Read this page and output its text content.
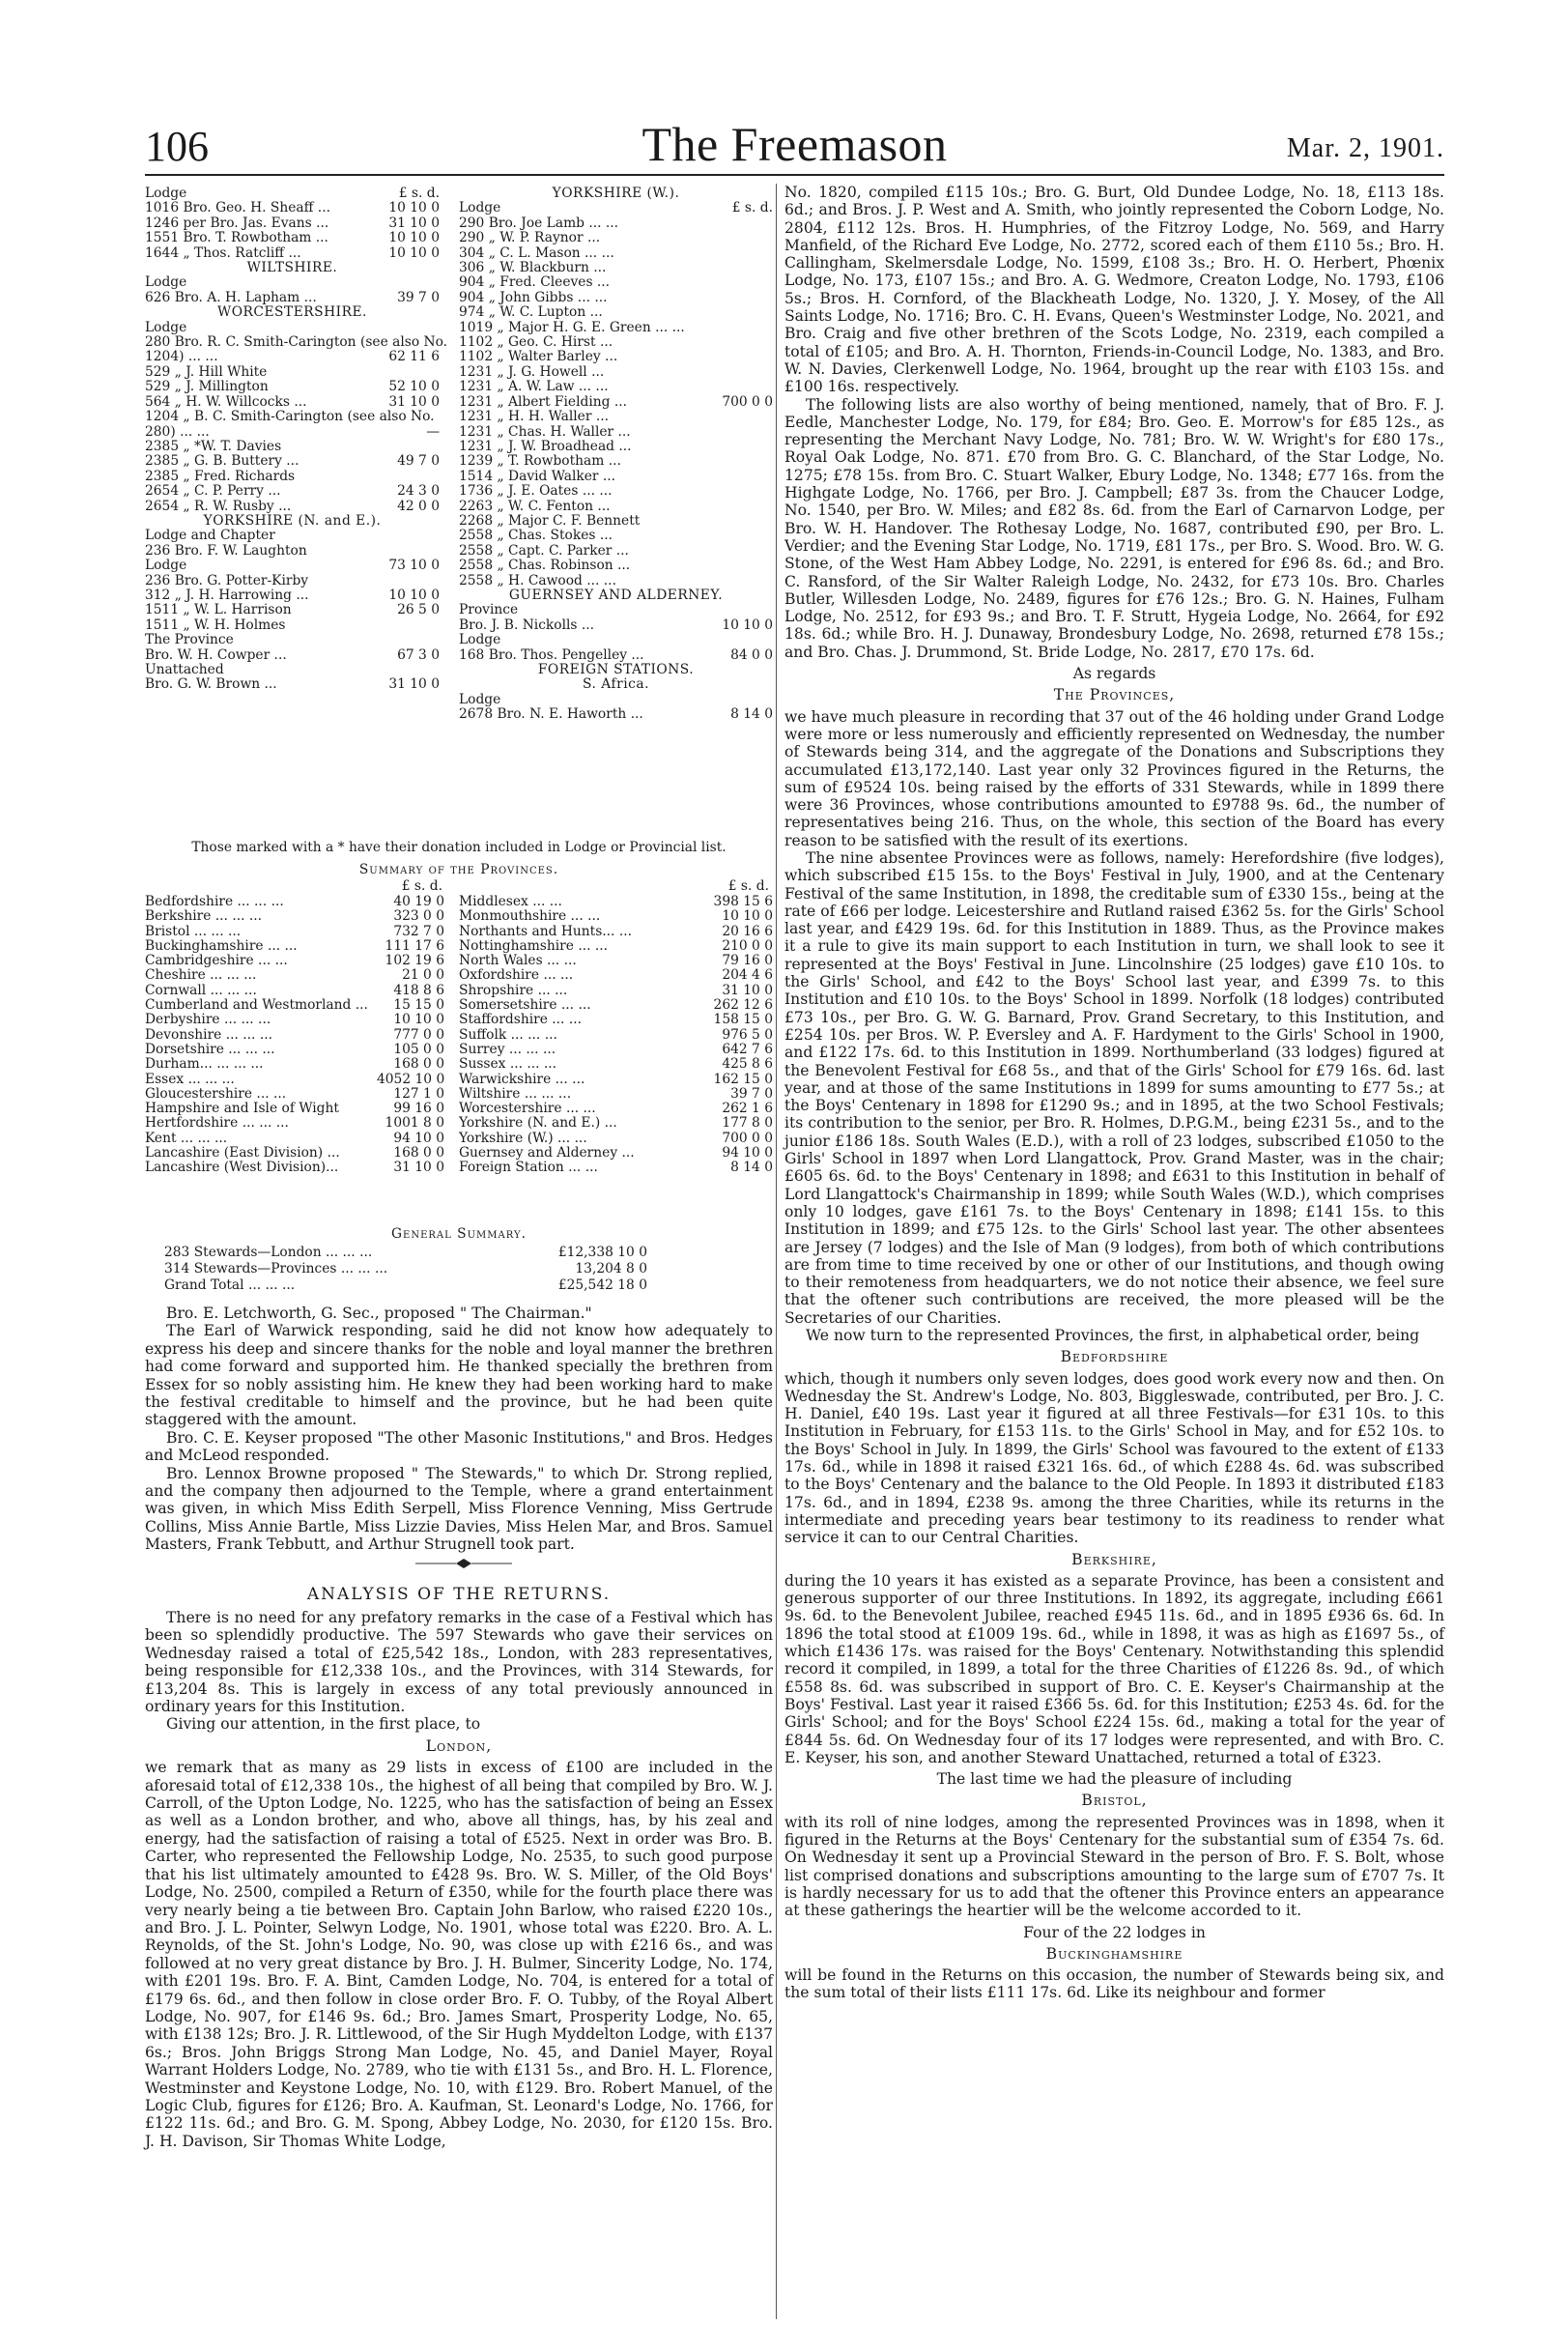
106	The Freemason	Mar. 2, 1901.
Lodge	£ s. d.
1016 Bro. Geo. H. Sheaff ...	10 10 0
1246 per Bro. Jas. Evans ...	31 10 0
1551 Bro. T. Rowbotham ...	10 10 0
1644 „ Thos. Ratcliff ...	10 10 0
WILTSHIRE.
Lodge
626 Bro. A. H. Lapham ...	39 7 0
WORCESTERSHIRE.
Lodge
280 Bro. R. C. Smith-Carington (see also No.
1204) ... ...	62 11 6
529 „ J. Hill White
529 „ J. Millington	52 10 0
564 „ H. W. Willcocks ...	31 10 0
1204 „ B. C. Smith-Carington (see also No.
280) ... ...	—
2385 „ *W. T. Davies
2385 „ G. B. Buttery ...	49 7 0
2385 „ Fred. Richards
2654 „ C. P. Perry ...	24 3 0
2654 „ R. W. Rusby ...	42 0 0
YORKSHIRE (N. and E.).
Lodge and Chapter
236 Bro. F. W. Laughton
Lodge	73 10 0
236 Bro. G. Potter-Kirby
312 „ J. H. Harrowing ...	10 10 0
1511 „ W. L. Harrison	26 5 0
1511 „ W. H. Holmes
The Province
Bro. W. H. Cowper ...	67 3 0
Unattached
Bro. G. W. Brown ...	31 10 0
YORKSHIRE (W.).
Lodge	£ s. d.
290 Bro. Joe Lamb ... ...
290 „ W. P. Raynor ...
304 „ C. L. Mason ... ...
306 „ W. Blackburn ...
904 „ Fred. Cleeves ...
904 „ John Gibbs ... ...
974 „ W. C. Lupton ...
1019 „ Major H. G. E. Green ... ...
1102 „ Geo. C. Hirst ...
1102 „ Walter Barley ...
1231 „ J. G. Howell ...
1231 „ A. W. Law ... ...
1231 „ Albert Fielding ...	700 0 0
1231 „ H. H. Waller ...
1231 „ Chas. H. Waller ...
1231 „ J. W. Broadhead ...
1239 „ T. Rowbotham ...
1514 „ David Walker ...
1736 „ J. E. Oates ... ...
2263 „ W. C. Fenton ...
2268 „ Major C. F. Bennett
2558 „ Chas. Stokes ...
2558 „ Capt. C. Parker ...
2558 „ Chas. Robinson ...
2558 „ H. Cawood ... ...
GUERNSEY AND ALDERNEY.
Province
Bro. J. B. Nickolls ...	10 10 0
Lodge
168 Bro. Thos. Pengelley ...	84 0 0
FOREIGN STATIONS.
S. Africa.
Lodge
2678 Bro. N. E. Haworth ...	8 14 0
Those marked with a * have their donation included in Lodge or Provincial list.
Summary of the Provinces.
£ s. d.	£ s. d.
Bedfordshire ... ... ...	40 19 0
Berkshire ... ... ...	323 0 0
Bristol ... ... ...	732 7 0
Buckinghamshire ... ...	111 17 6
Cambridgeshire ... ...	102 19 6
Cheshire ... ... ...	21 0 0
Cornwall ... ... ...	418 8 6
Cumberland and Westmorland ...	15 15 0
Derbyshire ... ... ...	10 10 0
Devonshire ... ... ...	777 0 0
Dorsetshire ... ... ...	105 0 0
Durham... ... ... ...	168 0 0
Essex ... ... ...	4052 10 0
Gloucestershire ... ...	127 1 0
Hampshire and Isle of Wight	99 16 0
Hertfordshire ... ... ...	1001 8 0
Kent ... ... ...	94 10 0
Lancashire (East Division) ...	168 0 0
Lancashire (West Division)...	31 10 0
Middlesex ... ...	398 15 6
Monmouthshire ... ...	10 10 0
Northants and Hunts... ...	20 16 6
Nottinghamshire ... ...	210 0 0
North Wales ... ...	79 16 0
Oxfordshire ... ...	204 4 6
Shropshire ... ...	31 10 0
Somersetshire ... ...	262 12 6
Staffordshire ... ...	158 15 0
Suffolk ... ... ...	976 5 0
Surrey ... ... ...	642 7 6
Sussex ... ... ...	425 8 6
Warwickshire ... ...	162 15 0
Wiltshire ... ... ...	39 7 0
Worcestershire ... ...	262 1 6
Yorkshire (N. and E.) ...	177 8 0
Yorkshire (W.) ... ...	700 0 0
Guernsey and Alderney ...	94 10 0
Foreign Station ... ...	8 14 0
General Summary.
283 Stewards—London ... ... ...	£12,338 10 0
314 Stewards—Provinces ... ... ...	13,204 8 0
Grand Total ... ... ...	£25,542 18 0

Bro. E. Letchworth, G. Sec., proposed " The Chairman."

The Earl of Warwick responding, said he did not know how adequately to express his deep and sincere thanks for the noble and loyal manner the brethren had come forward and supported him. He thanked specially the brethren from Essex for so nobly assisting him. He knew they had been working hard to make the festival creditable to himself and the province, but he had been quite staggered with the amount.

Bro. C. E. Keyser proposed "The other Masonic Institutions," and Bros. Hedges and McLeod responded.

Bro. Lennox Browne proposed " The Stewards," to which Dr. Strong replied, and the company then adjourned to the Temple, where a grand entertainment was given, in which Miss Edith Serpell, Miss Florence Venning, Miss Gertrude Collins, Miss Annie Bartle, Miss Lizzie Davies, Miss Helen Mar, and Bros. Samuel Masters, Frank Tebbutt, and Arthur Strugnell took part.

ANALYSIS OF THE RETURNS.

There is no need for any prefatory remarks in the case of a Festival which has been so splendidly productive. The 597 Stewards who gave their services on Wednesday raised a total of £25,542 18s., London, with 283 representatives, being responsible for £12,338 10s., and the Provinces, with 314 Stewards, for £13,204 8s. This is largely in excess of any total previously announced in ordinary years for this Institution.

Giving our attention, in the first place, to

London,

we remark that as many as 29 lists in excess of £100 are included in the aforesaid total of £12,338 10s., the highest of all being that compiled by Bro. W. J. Carroll, of the Upton Lodge, No. 1225, who has the satisfaction of being an Essex as well as a London brother, and who, above all things, has, by his zeal and energy, had the satisfaction of raising a total of £525. Next in order was Bro. B. Carter, who represented the Fellowship Lodge, No. 2535, to such good purpose that his list ultimately amounted to £428 9s. Bro. W. S. Miller, of the Old Boys' Lodge, No. 2500, compiled a Return of £350, while for the fourth place there was very nearly being a tie between Bro. Captain John Barlow, who raised £220 10s., and Bro. J. L. Pointer, Selwyn Lodge, No. 1901, whose total was £220. Bro. A. L. Reynolds, of the St. John's Lodge, No. 90, was close up with £216 6s., and was followed at no very great distance by Bro. J. H. Bulmer, Sincerity Lodge, No. 174, with £201 19s. Bro. F. A. Bint, Camden Lodge, No. 704, is entered for a total of £179 6s. 6d., and then follow in close order Bro. F. O. Tubby, of the Royal Albert Lodge, No. 907, for £146 9s. 6d.; Bro. James Smart, Prosperity Lodge, No. 65, with £138 12s; Bro. J. R. Littlewood, of the Sir Hugh Myddelton Lodge, with £137 6s.; Bros. John Briggs Strong Man Lodge, No. 45, and Daniel Mayer, Royal Warrant Holders Lodge, No. 2789, who tie with £131 5s., and Bro. H. L. Florence, Westminster and Keystone Lodge, No. 10, with £129. Bro. Robert Manuel, of the Logic Club, figures for £126; Bro. A. Kaufman, St. Leonard's Lodge, No. 1766, for £122 11s. 6d.; and Bro. G. M. Spong, Abbey Lodge, No. 2030, for £120 15s. Bro. J. H. Davison, Sir Thomas White Lodge,

No. 1820, compiled £115 10s.; Bro. G. Burt, Old Dundee Lodge, No. 18, £113 18s. 6d.; and Bros. J. P. West and A. Smith, who jointly represented the Coborn Lodge, No. 2804, £112 12s. Bros. H. Humphries, of the Fitzroy Lodge, No. 569, and Harry Manfield, of the Richard Eve Lodge, No. 2772, scored each of them £110 5s.; Bro. H. Callingham, Skelmersdale Lodge, No. 1599, £108 3s.; Bro. H. O. Herbert, Phœnix Lodge, No. 173, £107 15s.; and Bro. A. G. Wedmore, Creaton Lodge, No. 1793, £106 5s.; Bros. H. Cornford, of the Blackheath Lodge, No. 1320, J. Y. Mosey, of the All Saints Lodge, No. 1716; Bro. C. H. Evans, Queen's Westminster Lodge, No. 2021, and Bro. Craig and five other brethren of the Scots Lodge, No. 2319, each compiled a total of £105; and Bro. A. H. Thornton, Friends-in-Council Lodge, No. 1383, and Bro. W. N. Davies, Clerkenwell Lodge, No. 1964, brought up the rear with £103 15s. and £100 16s. respectively.

The following lists are also worthy of being mentioned, namely, that of Bro. F. J. Eedle, Manchester Lodge, No. 179, for £84; Bro. Geo. E. Morrow's for £85 12s., as representing the Merchant Navy Lodge, No. 781; Bro. W. W. Wright's for £80 17s., Royal Oak Lodge, No. 871. £70 from Bro. G. C. Blanchard, of the Star Lodge, No. 1275; £78 15s. from Bro. C. Stuart Walker, Ebury Lodge, No. 1348; £77 16s. from the Highgate Lodge, No. 1766, per Bro. J. Campbell; £87 3s. from the Chaucer Lodge, No. 1540, per Bro. W. Miles; and £82 8s. 6d. from the Earl of Carnarvon Lodge, per Bro. W. H. Handover. The Rothesay Lodge, No. 1687, contributed £90, per Bro. L. Verdier; and the Evening Star Lodge, No. 1719, £81 17s., per Bro. S. Wood. Bro. W. G. Stone, of the West Ham Abbey Lodge, No. 2291, is entered for £96 8s. 6d.; and Bro. C. Ransford, of the Sir Walter Raleigh Lodge, No. 2432, for £73 10s. Bro. Charles Butler, Willesden Lodge, No. 2489, figures for £76 12s.; Bro. G. N. Haines, Fulham Lodge, No. 2512, for £93 9s.; and Bro. T. F. Strutt, Hygeia Lodge, No. 2664, for £92 18s. 6d.; while Bro. H. J. Dunaway, Brondesbury Lodge, No. 2698, returned £78 15s.; and Bro. Chas. J. Drummond, St. Bride Lodge, No. 2817, £70 17s. 6d.

As regards

The Provinces,

we have much pleasure in recording that 37 out of the 46 holding under Grand Lodge were more or less numerously and efficiently represented on Wednesday, the number of Stewards being 314, and the aggregate of the Donations and Subscriptions they accumulated £13,172,140. Last year only 32 Provinces figured in the Returns, the sum of £9524 10s. being raised by the efforts of 331 Stewards, while in 1899 there were 36 Provinces, whose contributions amounted to £9788 9s. 6d., the number of representatives being 216. Thus, on the whole, this section of the Board has every reason to be satisfied with the result of its exertions.

The nine absentee Provinces were as follows, namely: Herefordshire (five lodges), which subscribed £15 15s. to the Boys' Festival in July, 1900, and at the Centenary Festival of the same Institution, in 1898, the creditable sum of £330 15s., being at the rate of £66 per lodge. Leicestershire and Rutland raised £362 5s. for the Girls' School last year, and £429 19s. 6d. for this Institution in 1889. Thus, as the Province makes it a rule to give its main support to each Institution in turn, we shall look to see it represented at the Boys' Festival in June. Lincolnshire (25 lodges) gave £10 10s. to the Girls' School, and £42 to the Boys' School last year, and £399 7s. to this Institution and £10 10s. to the Boys' School in 1899. Norfolk (18 lodges) contributed £73 10s., per Bro. G. W. G. Barnard, Prov. Grand Secretary, to this Institution, and £254 10s. per Bros. W. P. Eversley and A. F. Hardyment to the Girls' School in 1900, and £122 17s. 6d. to this Institution in 1899. Northumberland (33 lodges) figured at the Benevolent Festival for £68 5s., and that of the Girls' School for £79 16s. 6d. last year, and at those of the same Institutions in 1899 for sums amounting to £77 5s.; at the Boys' Centenary in 1898 for £1290 9s.; and in 1895, at the two School Festivals; its contribution to the senior, per Bro. R. Holmes, D.P.G.M., being £231 5s., and to the junior £186 18s. South Wales (E.D.), with a roll of 23 lodges, subscribed £1050 to the Girls' School in 1897 when Lord Llangattock, Prov. Grand Master, was in the chair; £605 6s. 6d. to the Boys' Centenary in 1898; and £631 to this Institution in behalf of Lord Llangattock's Chairmanship in 1899; while South Wales (W.D.), which comprises only 10 lodges, gave £161 7s. to the Boys' Centenary in 1898; £141 15s. to this Institution in 1899; and £75 12s. to the Girls' School last year. The other absentees are Jersey (7 lodges) and the Isle of Man (9 lodges), from both of which contributions are from time to time received by one or other of our Institutions, and though owing to their remoteness from headquarters, we do not notice their absence, we feel sure that the oftener such contributions are received, the more pleased will be the Secretaries of our Charities.

We now turn to the represented Provinces, the first, in alphabetical order, being

Bedfordshire

which, though it numbers only seven lodges, does good work every now and then. On Wednesday the St. Andrew's Lodge, No. 803, Biggleswade, contributed, per Bro. J. C. H. Daniel, £40 19s. Last year it figured at all three Festivals—for £31 10s. to this Institution in February, for £153 11s. to the Girls' School in May, and for £52 10s. to the Boys' School in July. In 1899, the Girls' School was favoured to the extent of £133 17s. 6d., while in 1898 it raised £321 16s. 6d., of which £288 4s. 6d. was subscribed to the Boys' Centenary and the balance to the Old People. In 1893 it distributed £183 17s. 6d., and in 1894, £238 9s. among the three Charities, while its returns in the intermediate and preceding years bear testimony to its readiness to render what service it can to our Central Charities.

Berkshire,

during the 10 years it has existed as a separate Province, has been a consistent and generous supporter of our three Institutions. In 1892, its aggregate, including £661 9s. 6d. to the Benevolent Jubilee, reached £945 11s. 6d., and in 1895 £936 6s. 6d. In 1896 the total stood at £1009 19s. 6d., while in 1898, it was as high as £1697 5s., of which £1436 17s. was raised for the Boys' Centenary. Notwithstanding this splendid record it compiled, in 1899, a total for the three Charities of £1226 8s. 9d., of which £558 8s. 6d. was subscribed in support of Bro. C. E. Keyser's Chairmanship at the Boys' Festival. Last year it raised £366 5s. 6d. for this Institution; £253 4s. 6d. for the Girls' School; and for the Boys' School £224 15s. 6d., making a total for the year of £844 5s. 6d. On Wednesday four of its 17 lodges were represented, and with Bro. C. E. Keyser, his son, and another Steward Unattached, returned a total of £323.

The last time we had the pleasure of including

Bristol,

with its roll of nine lodges, among the represented Provinces was in 1898, when it figured in the Returns at the Boys' Centenary for the substantial sum of £354 7s. 6d. On Wednesday it sent up a Provincial Steward in the person of Bro. F. S. Bolt, whose list comprised donations and subscriptions amounting to the large sum of £707 7s. It is hardly necessary for us to add that the oftener this Province enters an appearance at these gatherings the heartier will be the welcome accorded to it.

Four of the 22 lodges in

Buckinghamshire

will be found in the Returns on this occasion, the number of Stewards being six, and the sum total of their lists £111 17s. 6d. Like its neighbour and former
